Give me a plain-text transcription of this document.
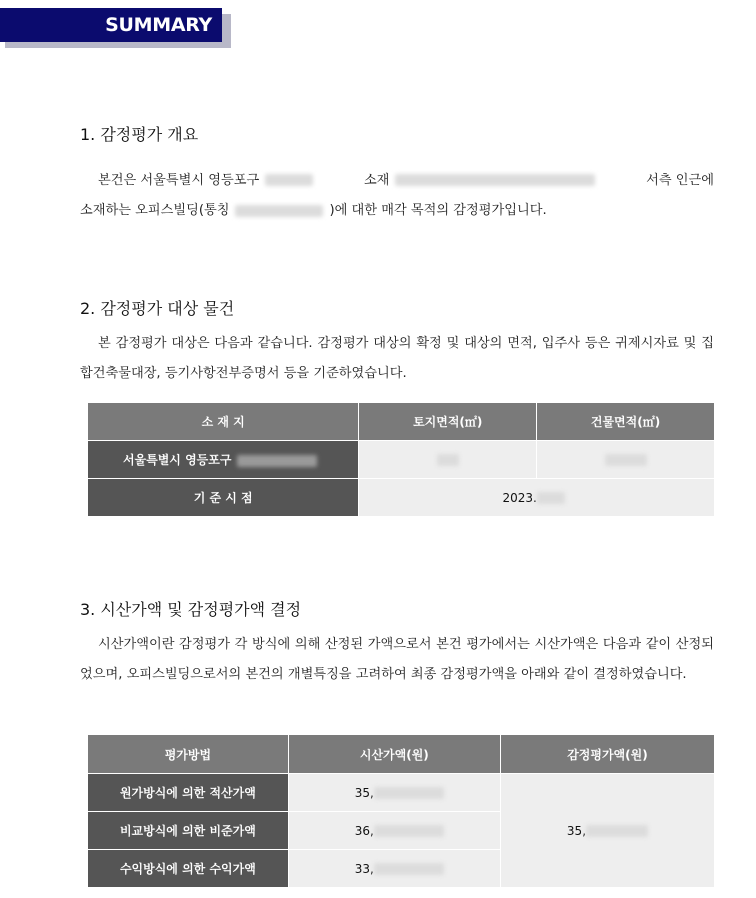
SUMMARY
1. 감정평가 개요
본건은 서울특별시 영등포구	소재	서측 인근에
소재하는 오피스빌딩(통칭	)에 대한 매각 목적의 감정평가입니다.
2. 감정평가 대상 물건

본 감정평가 대상은 다음과 같습니다. 감정평가 대상의 확정 및 대상의 면적, 입주사 등은 귀제시자료 및 집합건축물대장, 등기사항전부증명서 등을 기준하였습니다.

소 재 지	토지면적(㎡)	건물면적(㎡)
서울특별시 영등포구		
기 준 시 점	2023.	
3. 시산가액 및 감정평가액 결정

시산가액이란 감정평가 각 방식에 의해 산정된 가액으로서 본건 평가에서는 시산가액은 다음과 같이 산정되었으며, 오피스빌딩으로서의 본건의 개별특징을 고려하여 최종 감정평가액을 아래와 같이 결정하였습니다.

평가방법	시산가액(원)	감정평가액(원)
원가방식에 의한 적산가액	35,	35,
비교방식에 의한 비준가액	36,	
수익방식에 의한 수익가액	33,	
